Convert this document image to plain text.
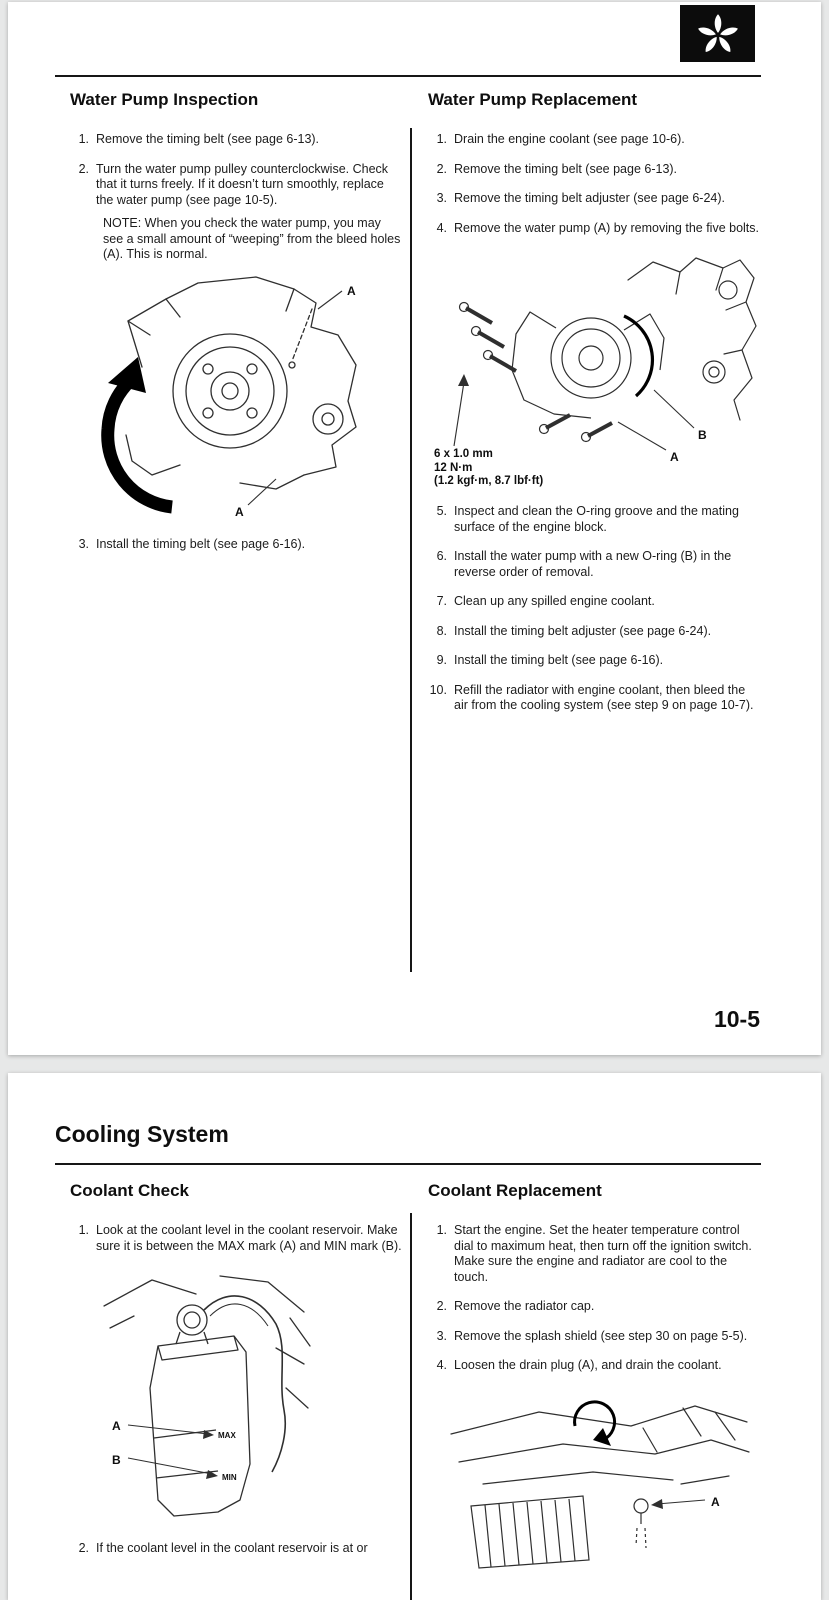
Water Pump Inspection
1. Remove the timing belt (see page 6-13).
2. Turn the water pump pulley counterclockwise. Check that it turns freely. If it doesn’t turn smoothly, replace the water pump (see page 10-5).
NOTE: When you check the water pump, you may see a small amount of “weeping” from the bleed holes (A). This is normal.
A
A
3. Install the timing belt (see page 6-16).
Water Pump Replacement
1. Drain the engine coolant (see page 10-6).
2. Remove the timing belt (see page 6-13).
3. Remove the timing belt adjuster (see page 6-24).
4. Remove the water pump (A) by removing the five bolts.
B
A
6 x 1.0 mm
12 N·m
(1.2 kgf·m, 8.7 lbf·ft)
5. Inspect and clean the O-ring groove and the mating surface of the engine block.
6. Install the water pump with a new O-ring (B) in the reverse order of removal.
7. Clean up any spilled engine coolant.
8. Install the timing belt adjuster (see page 6-24).
9. Install the timing belt (see page 6-16).
10. Refill the radiator with engine coolant, then bleed the air from the cooling system (see step 9 on page 10-7).
10-5
Cooling System
Coolant Check
1. Look at the coolant level in the coolant reservoir. Make sure it is between the MAX mark (A) and MIN mark (B).
A
B
MAX
MIN
2. If the coolant level in the coolant reservoir is at or
Coolant Replacement
1. Start the engine. Set the heater temperature control dial to maximum heat, then turn off the ignition switch. Make sure the engine and radiator are cool to the touch.
2. Remove the radiator cap.
3. Remove the splash shield (see step 30 on page 5-5).
4. Loosen the drain plug (A), and drain the coolant.
A
